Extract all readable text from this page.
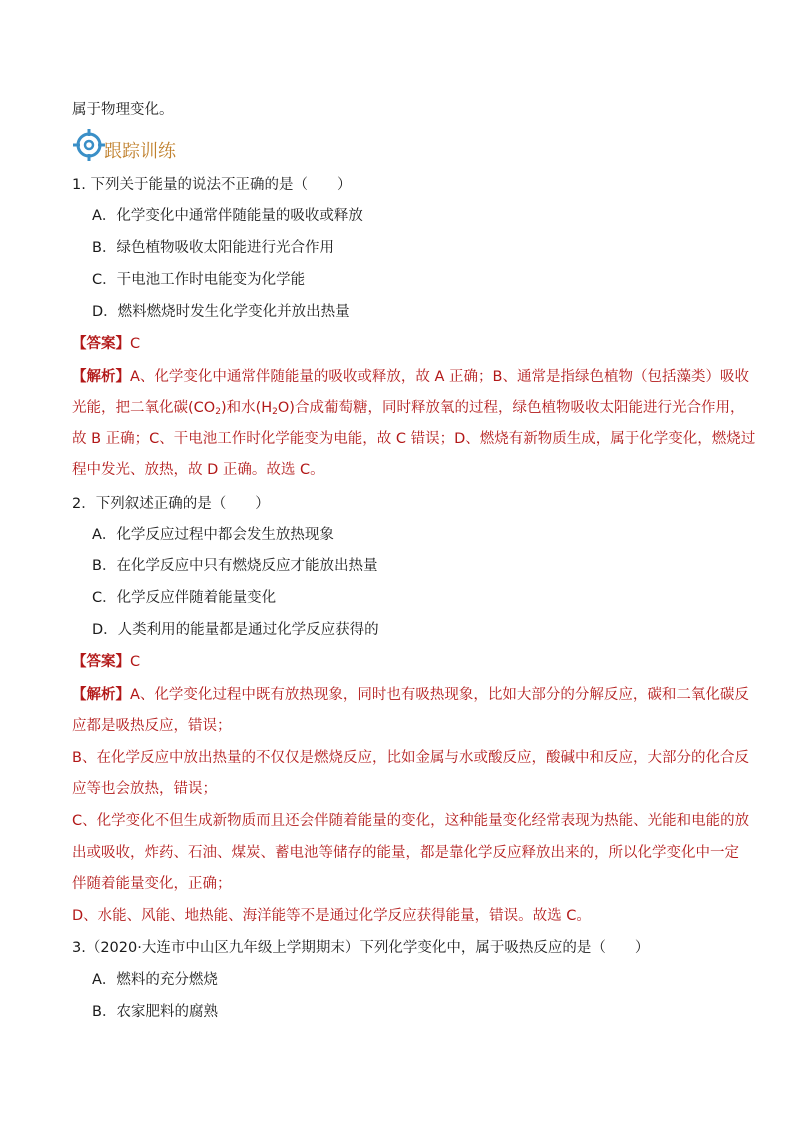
属于物理变化。
跟踪训练
1. 下列关于能量的说法不正确的是（　　）
A．化学变化中通常伴随能量的吸收或释放
B．绿色植物吸收太阳能进行光合作用
C．干电池工作时电能变为化学能
D．燃料燃烧时发生化学变化并放出热量
【答案】C
【解析】A、化学变化中通常伴随能量的吸收或释放，故 A 正确；B、通常是指绿色植物（包括藻类）吸收
光能，把二氧化碳$(CO_2)$和水$(H_2O)$合成葡萄糖，同时释放氧的过程，绿色植物吸收太阳能进行光合作用，
故 B 正确；C、干电池工作时化学能变为电能，故 C 错误；D、燃烧有新物质生成，属于化学变化，燃烧过
程中发光、放热，故 D 正确。故选 C。
2．下列叙述正确的是（　　）
A．化学反应过程中都会发生放热现象
B．在化学反应中只有燃烧反应才能放出热量
C．化学反应伴随着能量变化
D．人类利用的能量都是通过化学反应获得的
【答案】C
【解析】A、化学变化过程中既有放热现象，同时也有吸热现象，比如大部分的分解反应，碳和二氧化碳反
应都是吸热反应，错误；
B、在化学反应中放出热量的不仅仅是燃烧反应，比如金属与水或酸反应，酸碱中和反应，大部分的化合反
应等也会放热，错误；
C、化学变化不但生成新物质而且还会伴随着能量的变化，这种能量变化经常表现为热能、光能和电能的放
出或吸收，炸药、石油、煤炭、蓄电池等储存的能量，都是靠化学反应释放出来的，所以化学变化中一定
伴随着能量变化，正确；
D、水能、风能、地热能、海洋能等不是通过化学反应获得能量，错误。故选 C。
3.（2020·大连市中山区九年级上学期期末）下列化学变化中，属于吸热反应的是（　　）
A．燃料的充分燃烧
B．农家肥料的腐熟
